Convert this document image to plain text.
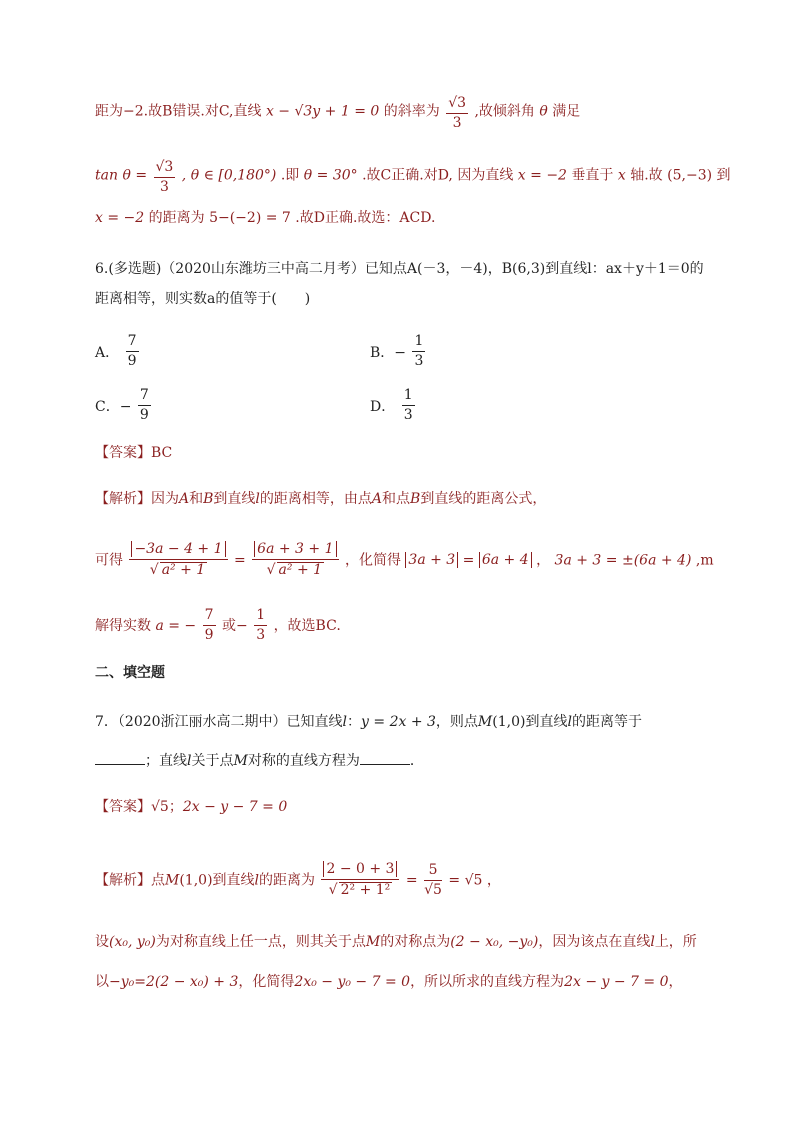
距为−2.故B错误.对C,直线 x − √3y + 1 = 0 的斜率为 $\frac{√3}{3}$ ,故倾斜角 θ 满足
$\tan \theta = \frac{√3}{3}$ , θ ∈ [0,180°) .即 θ = 30° .故C正确.对D, 因为直线 x = −2 垂直于 x 轴.故 (5,−3) 到
x = −2 的距离为 5−(−2) = 7 .故D正确.故选：ACD.
6.(多选题)（2020山东潍坊三中高二月考）已知点A(－3，－4)，B(6,3)到直线l：ax＋y＋1＝0的
距离相等，则实数a的值等于(　　)
A． $\frac{7}{9}$	B．− $\frac{1}{3}$
C．− $\frac{7}{9}$	D． $\frac{1}{3}$
【答案】BC
【解析】因为A和B到直线l的距离相等，由点A和点B到直线的距离公式，
可得 −3a − 4 + 1
√ a² + 1 = 6a + 3 + 1
√ a² + 1 ，化简得 3a + 3 = 6a + 4 ， 3a + 3 = ±(6a + 4) ,m
解得实数 a = − $\frac{7}{9}$ 或− $\frac{1}{3}$ ，故选BC.
二、填空题
7．（2020浙江丽水高二期中）已知直线l：y = 2x + 3，则点M(1,0)到直线l的距离等于
；直线l关于点M对称的直线方程为	．
【答案】√5；2x − y − 7 = 0
【解析】点M(1,0)到直线l的距离为 2 − 0 + 3
√ $2^2 + 1^2 = \frac{5}{√5} = √5$ ，
设(x₀, y₀)为对称直线上任一点，则其关于点M的对称点为(2 − x₀, −y₀)，因为该点在直线l上，所
以−y₀=2(2 − x₀) + 3，化简得2x₀ − y₀ − 7 = 0，所以所求的直线方程为2x − y − 7 = 0，
